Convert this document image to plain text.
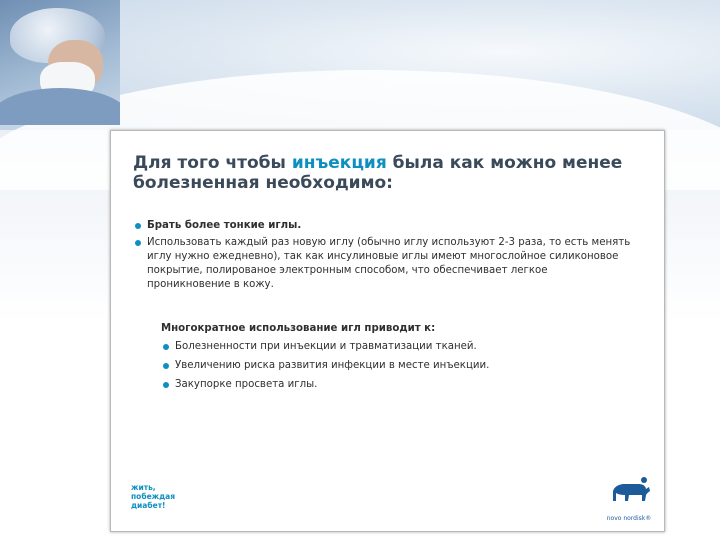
Для того чтобы инъекция была как можно менее болезненная необходимо:
Брать более тонкие иглы.
Использовать каждый раз новую иглу (обычно иглу используют 2-3 раза, то есть менять иглу нужно ежедневно), так как инсулиновые иглы имеют многослойное силиконовое покрытие, полированое электронным способом, что обеспечивает легкое проникновение в кожу.
Многократное использование игл приводит к:
Болезненности при инъекции и травматизации тканей.
Увеличению риска развития инфекции в месте инъекции.
Закупорке просвета иглы.
жить,
побеждая
диабет!
novo nordisk®
